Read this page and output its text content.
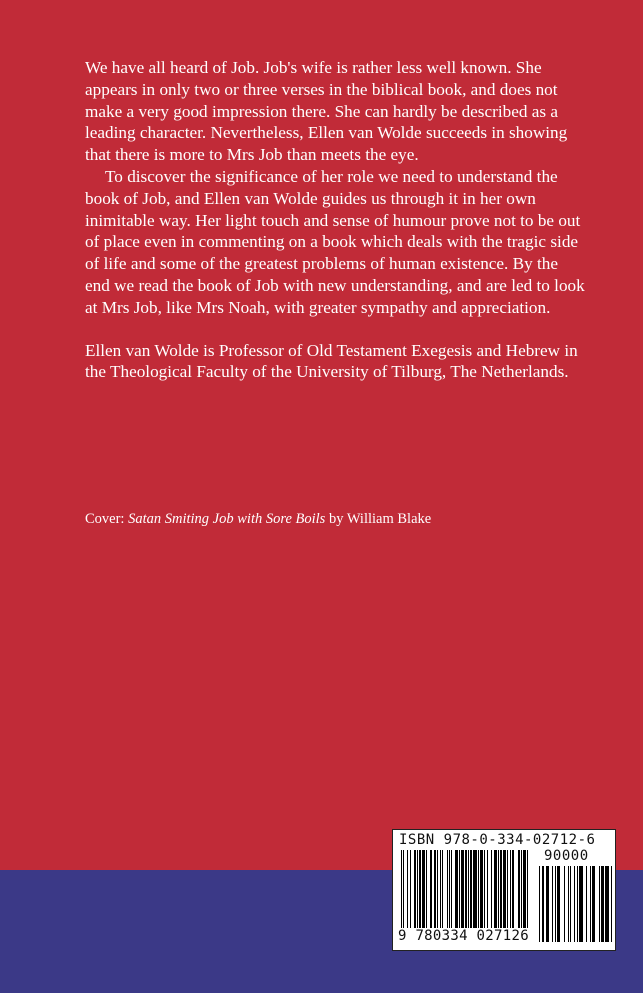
We have all heard of Job. Job's wife is rather less well known. She appears in only two or three verses in the biblical book, and does not make a very good impression there. She can hardly be described as a leading character. Nevertheless, Ellen van Wolde succeeds in showing that there is more to Mrs Job than meets the eye.

To discover the significance of her role we need to understand the book of Job, and Ellen van Wolde guides us through it in her own inimitable way. Her light touch and sense of humour prove not to be out of place even in commenting on a book which deals with the tragic side of life and some of the greatest problems of human existence. By the end we read the book of Job with new understanding, and are led to look at Mrs Job, like Mrs Noah, with greater sympathy and appreciation.

Ellen van Wolde is Professor of Old Testament Exegesis and Hebrew in the Theological Faculty of the University of Tilburg, The Netherlands.

Cover: Satan Smiting Job with Sore Boils by William Blake
ISBN 978-0-334-02712-6
90000
9 780334 027126
